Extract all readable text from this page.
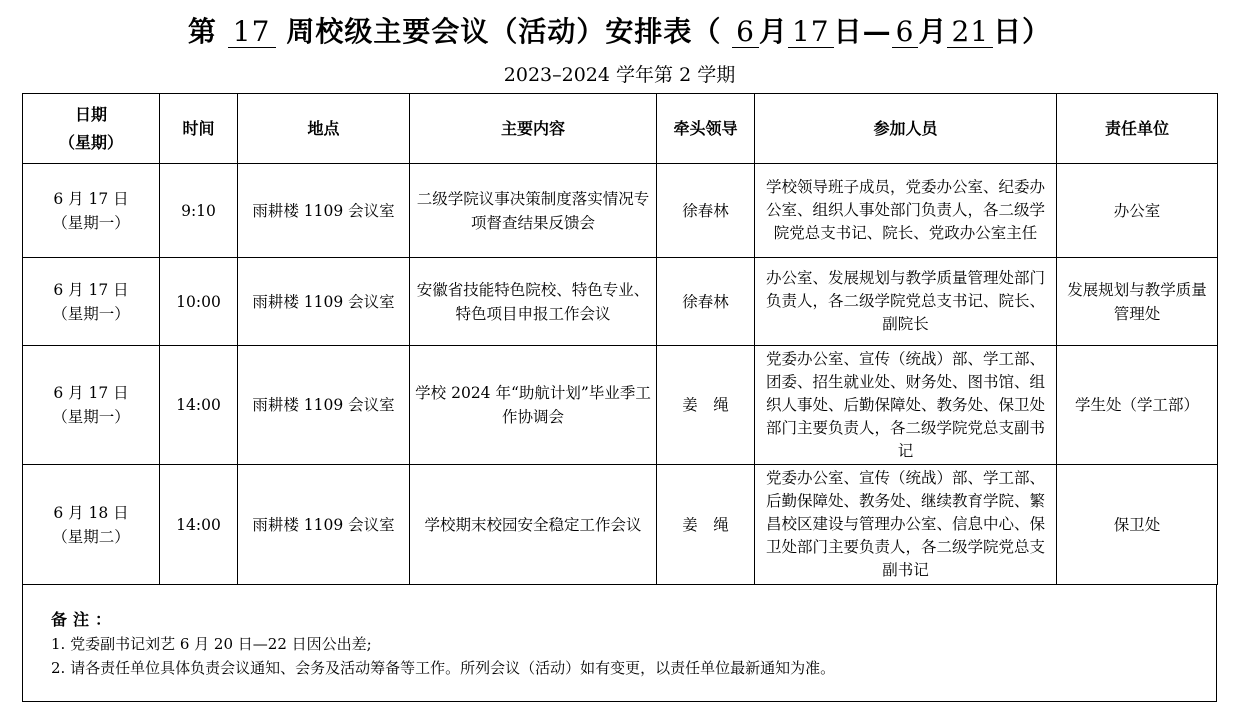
第 17 周校级主要会议（活动）安排表（ 6 月 17 日— 6 月 21 日）
2023–2024 学年第 2 学期
日期
（星期）	时间	地点	主要内容	牵头领导	参加人员	责任单位
6 月 17 日
（星期一）	9:10	雨耕楼 1109 会议室	二级学院议事决策制度落实情况专项督查结果反馈会	徐春林	学校领导班子成员，党委办公室、纪委办公室、组织人事处部门负责人，各二级学院党总支书记、院长、党政办公室主任	办公室
6 月 17 日
（星期一）	10:00	雨耕楼 1109 会议室	安徽省技能特色院校、特色专业、特色项目申报工作会议	徐春林	办公室、发展规划与教学质量管理处部门负责人，各二级学院党总支书记、院长、副院长	发展规划与教学质量管理处
6 月 17 日
（星期一）	14:00	雨耕楼 1109 会议室	学校 2024 年“助航计划”毕业季工作协调会	姜　绳	党委办公室、宣传（统战）部、学工部、团委、招生就业处、财务处、图书馆、组织人事处、后勤保障处、教务处、保卫处部门主要负责人，各二级学院党总支副书记	学生处（学工部）
6 月 18 日
（星期二）	14:00	雨耕楼 1109 会议室	学校期末校园安全稳定工作会议	姜　绳	党委办公室、宣传（统战）部、学工部、后勤保障处、教务处、继续教育学院、繁昌校区建设与管理办公室、信息中心、保卫处部门主要负责人，各二级学院党总支副书记	保卫处
备注：
1. 党委副书记刘艺 6 月 20 日—22 日因公出差;
2. 请各责任单位具体负责会议通知、会务及活动筹备等工作。所列会议（活动）如有变更，以责任单位最新通知为准。
